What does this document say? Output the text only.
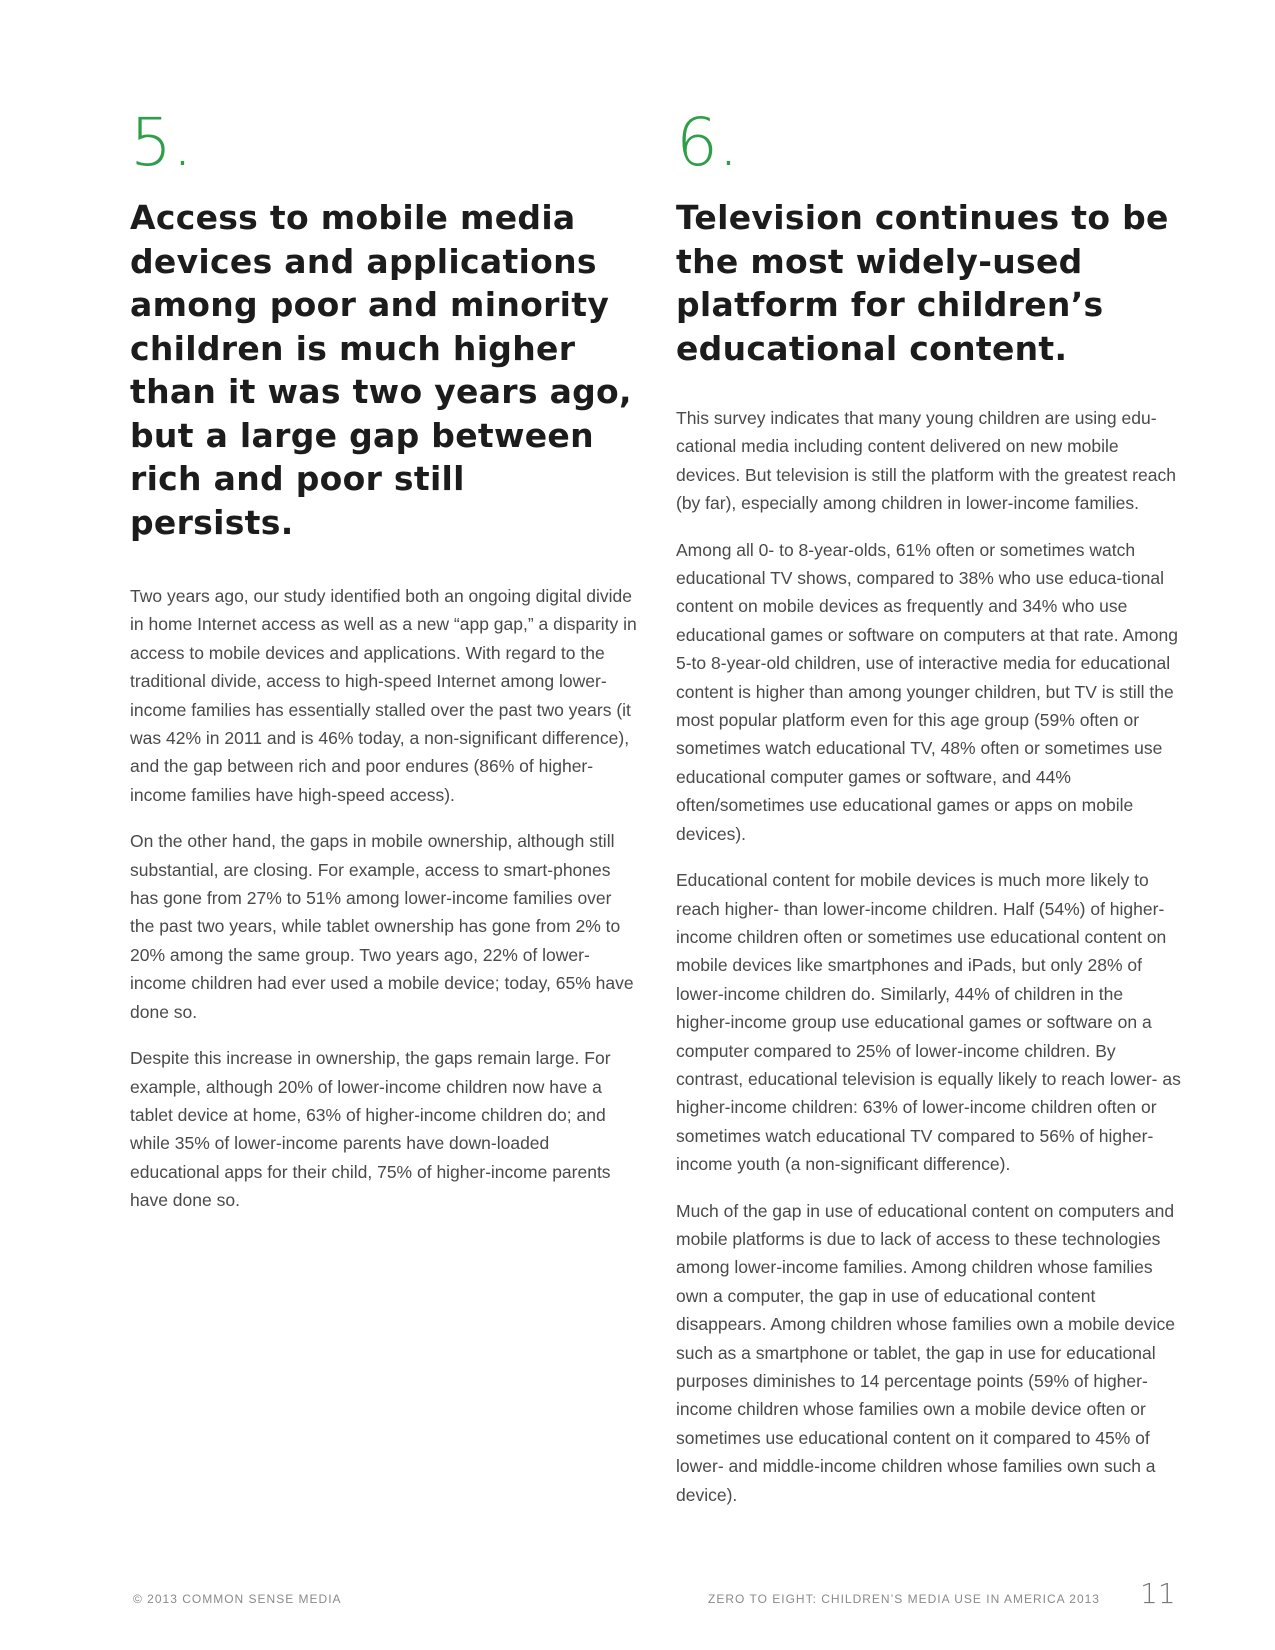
5.
Access to mobile media devices and applications among poor and minority children is much higher than it was two years ago, but a large gap between rich and poor still persists.

Two years ago, our study identified both an ongoing digital divide in home Internet access as well as a new “app gap,” a disparity in access to mobile devices and applications. With regard to the traditional divide, access to high-speed Internet among lower-income families has essentially stalled over the past two years (it was 42% in 2011 and is 46% today, a non-significant difference), and the gap between rich and poor endures (86% of higher-income families have high-speed access).

On the other hand, the gaps in mobile ownership, although still substantial, are closing. For example, access to smart-phones has gone from 27% to 51% among lower-income families over the past two years, while tablet ownership has gone from 2% to 20% among the same group. Two years ago, 22% of lower-income children had ever used a mobile device; today, 65% have done so.

Despite this increase in ownership, the gaps remain large. For example, although 20% of lower-income children now have a tablet device at home, 63% of higher-income children do; and while 35% of lower-income parents have down-loaded educational apps for their child, 75% of higher-income parents have done so.

6.
Television continues to be the most widely-used platform for children’s educational content.

This survey indicates that many young children are using edu-cational media including content delivered on new mobile devices. But television is still the platform with the greatest reach (by far), especially among children in lower-income families.

Among all 0- to 8-year-olds, 61% often or sometimes watch educational TV shows, compared to 38% who use educa-tional content on mobile devices as frequently and 34% who use educational games or software on computers at that rate. Among 5-to 8-year-old children, use of interactive media for educational content is higher than among younger children, but TV is still the most popular platform even for this age group (59% often or sometimes watch educational TV, 48% often or sometimes use educational computer games or software, and 44% often/sometimes use educational games or apps on mobile devices).

Educational content for mobile devices is much more likely to reach higher- than lower-income children. Half (54%) of higher-income children often or sometimes use educational content on mobile devices like smartphones and iPads, but only 28% of lower-income children do. Similarly, 44% of children in the higher-income group use educational games or software on a computer compared to 25% of lower-income children. By contrast, educational television is equally likely to reach lower- as higher-income children: 63% of lower-income children often or sometimes watch educational TV compared to 56% of higher-income youth (a non-significant difference).

Much of the gap in use of educational content on computers and mobile platforms is due to lack of access to these technologies among lower-income families. Among children whose families own a computer, the gap in use of educational content disappears. Among children whose families own a mobile device such as a smartphone or tablet, the gap in use for educational purposes diminishes to 14 percentage points (59% of higher-income children whose families own a mobile device often or sometimes use educational content on it compared to 45% of lower- and middle-income children whose families own such a device).

© 2013 COMMON SENSE MEDIA	ZERO TO EIGHT: CHILDREN’S MEDIA USE IN AMERICA 2013 11
